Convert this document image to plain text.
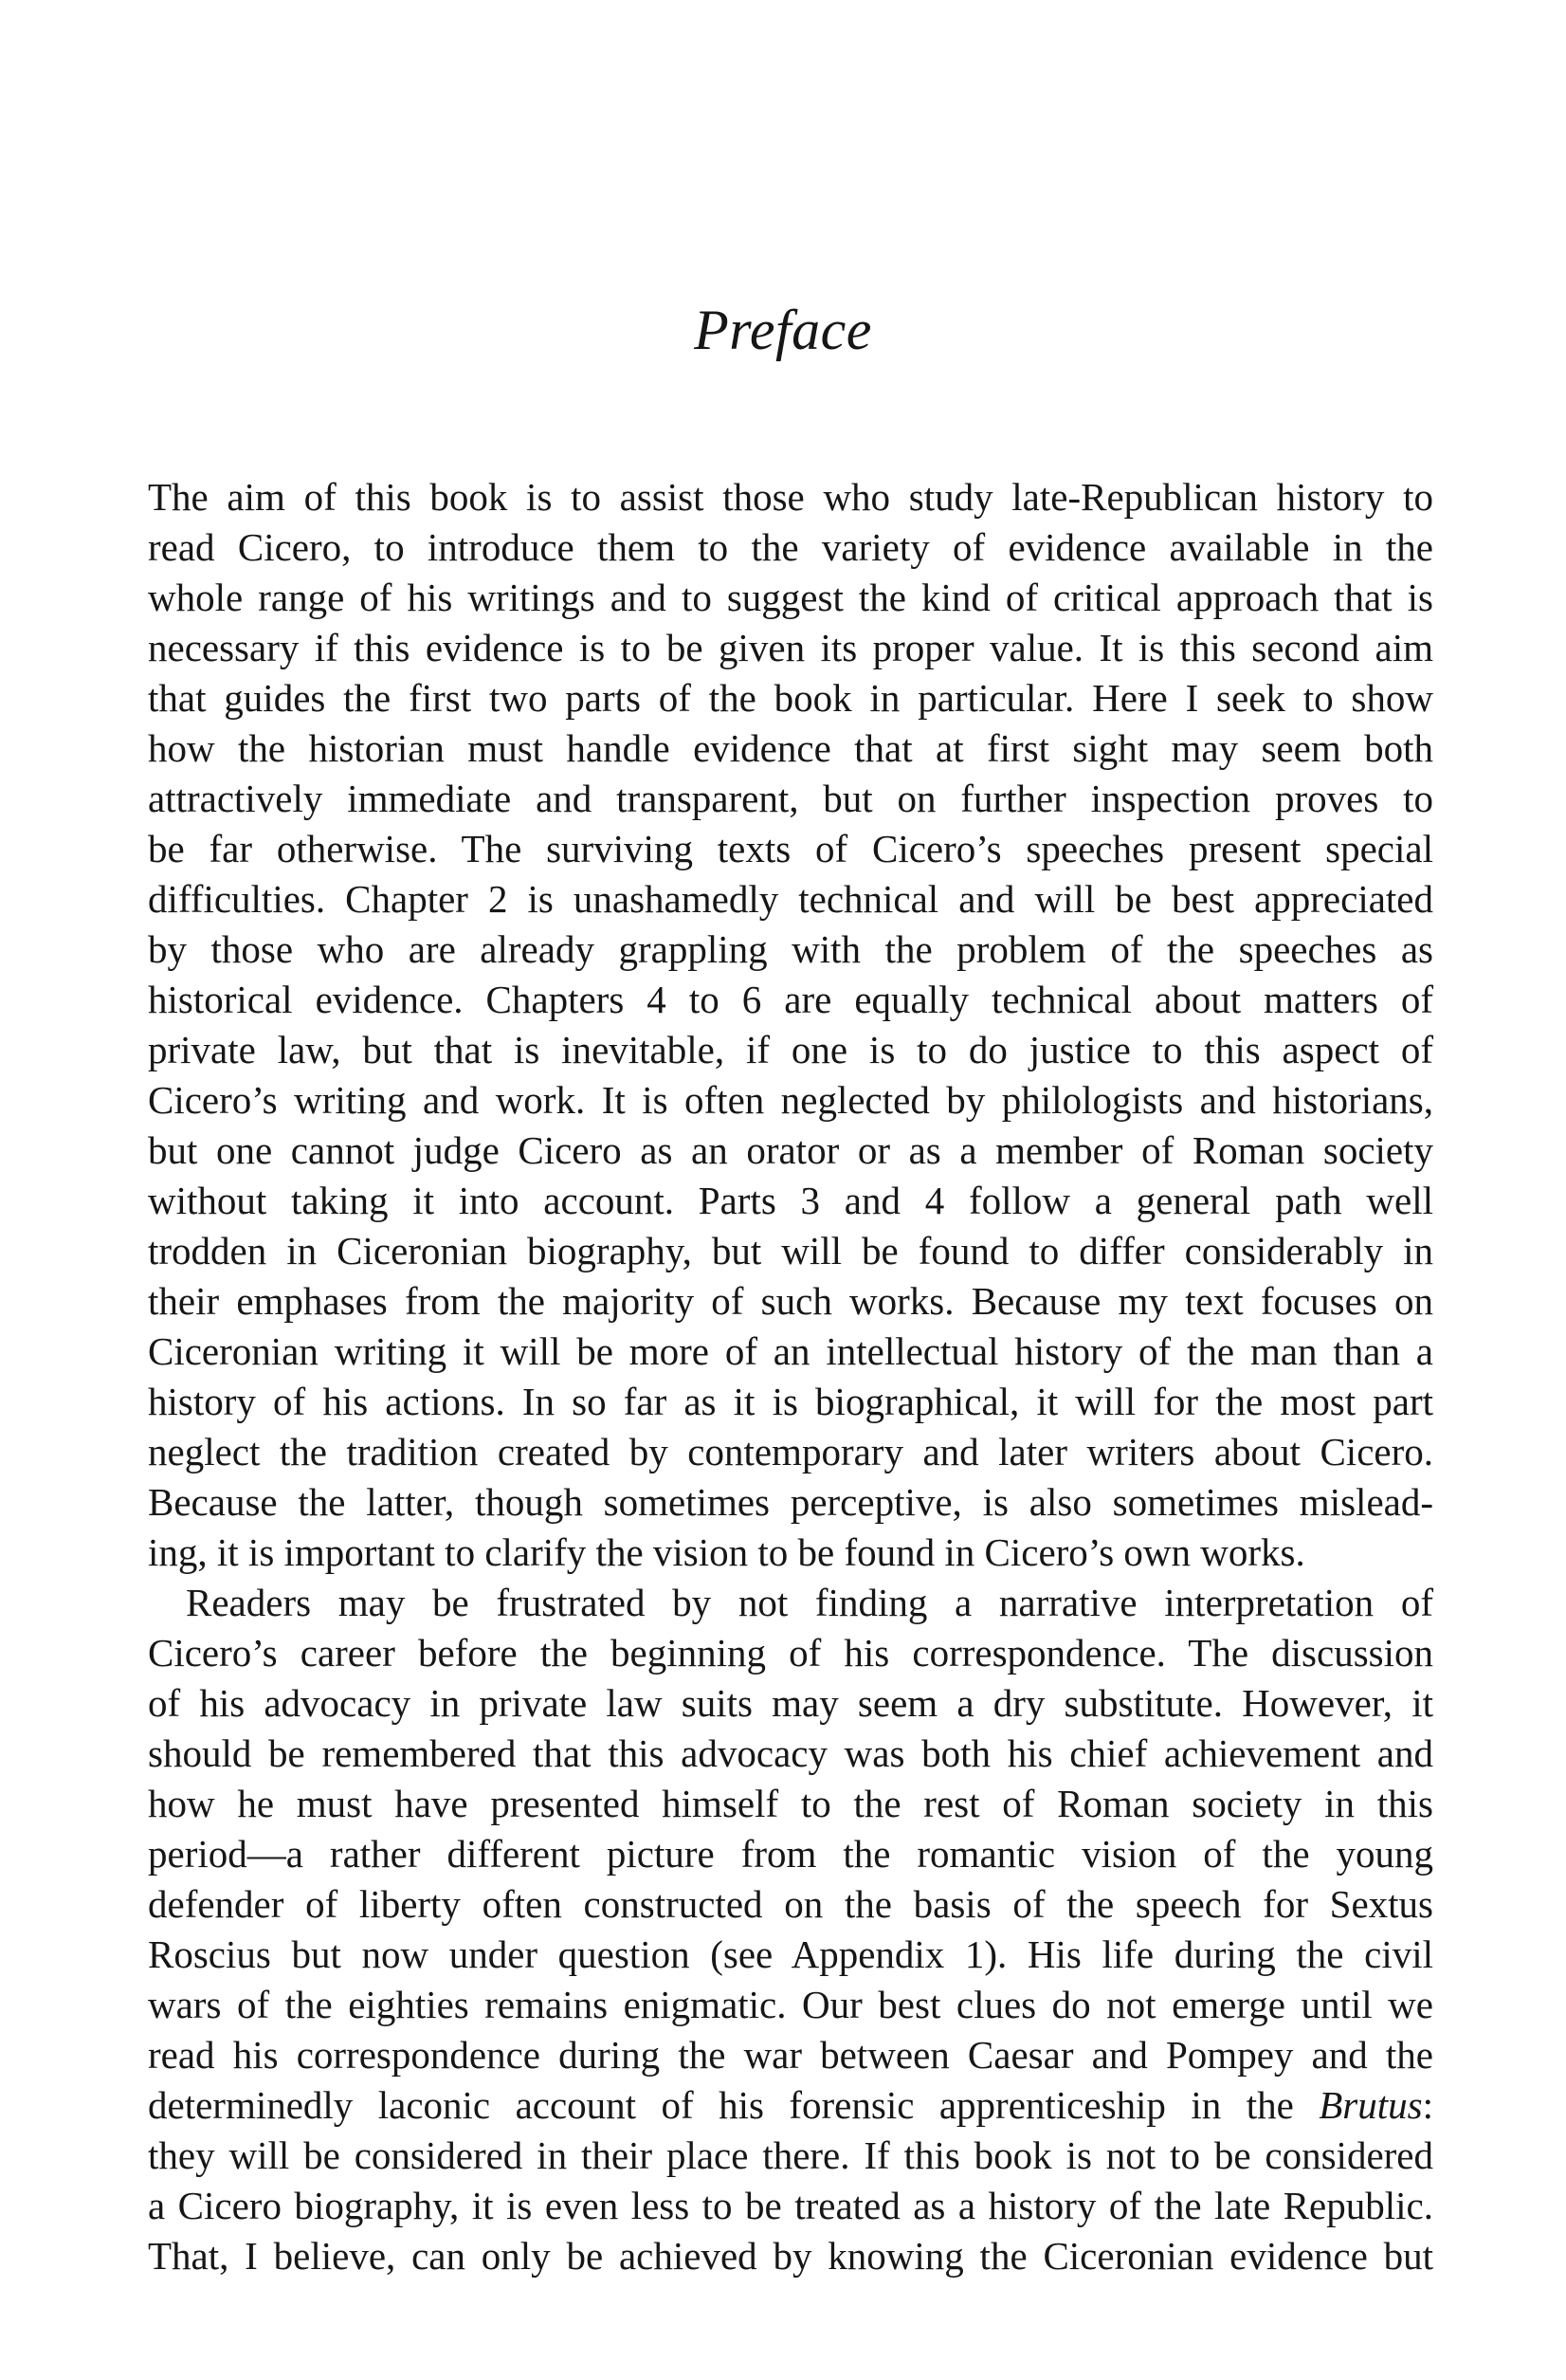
Preface
The aim of this book is to assist those who study late-Republican history to
read Cicero, to introduce them to the variety of evidence available in the
whole range of his writings and to suggest the kind of critical approach that is
necessary if this evidence is to be given its proper value. It is this second aim
that guides the first two parts of the book in particular. Here I seek to show
how the historian must handle evidence that at first sight may seem both
attractively immediate and transparent, but on further inspection proves to
be far otherwise. The surviving texts of Cicero’s speeches present special
difficulties. Chapter 2 is unashamedly technical and will be best appreciated
by those who are already grappling with the problem of the speeches as
historical evidence. Chapters 4 to 6 are equally technical about matters of
private law, but that is inevitable, if one is to do justice to this aspect of
Cicero’s writing and work. It is often neglected by philologists and historians,
but one cannot judge Cicero as an orator or as a member of Roman society
without taking it into account. Parts 3 and 4 follow a general path well
trodden in Ciceronian biography, but will be found to differ considerably in
their emphases from the majority of such works. Because my text focuses on
Ciceronian writing it will be more of an intellectual history of the man than a
history of his actions. In so far as it is biographical, it will for the most part
neglect the tradition created by contemporary and later writers about Cicero.
Because the latter, though sometimes perceptive, is also sometimes mislead-
ing, it is important to clarify the vision to be found in Cicero’s own works.
Readers may be frustrated by not finding a narrative interpretation of
Cicero’s career before the beginning of his correspondence. The discussion
of his advocacy in private law suits may seem a dry substitute. However, it
should be remembered that this advocacy was both his chief achievement and
how he must have presented himself to the rest of Roman society in this
period—a rather different picture from the romantic vision of the young
defender of liberty often constructed on the basis of the speech for Sextus
Roscius but now under question (see Appendix 1). His life during the civil
wars of the eighties remains enigmatic. Our best clues do not emerge until we
read his correspondence during the war between Caesar and Pompey and the
determinedly laconic account of his forensic apprenticeship in the Brutus:
they will be considered in their place there. If this book is not to be considered
a Cicero biography, it is even less to be treated as a history of the late Republic.
That, I believe, can only be achieved by knowing the Ciceronian evidence but
